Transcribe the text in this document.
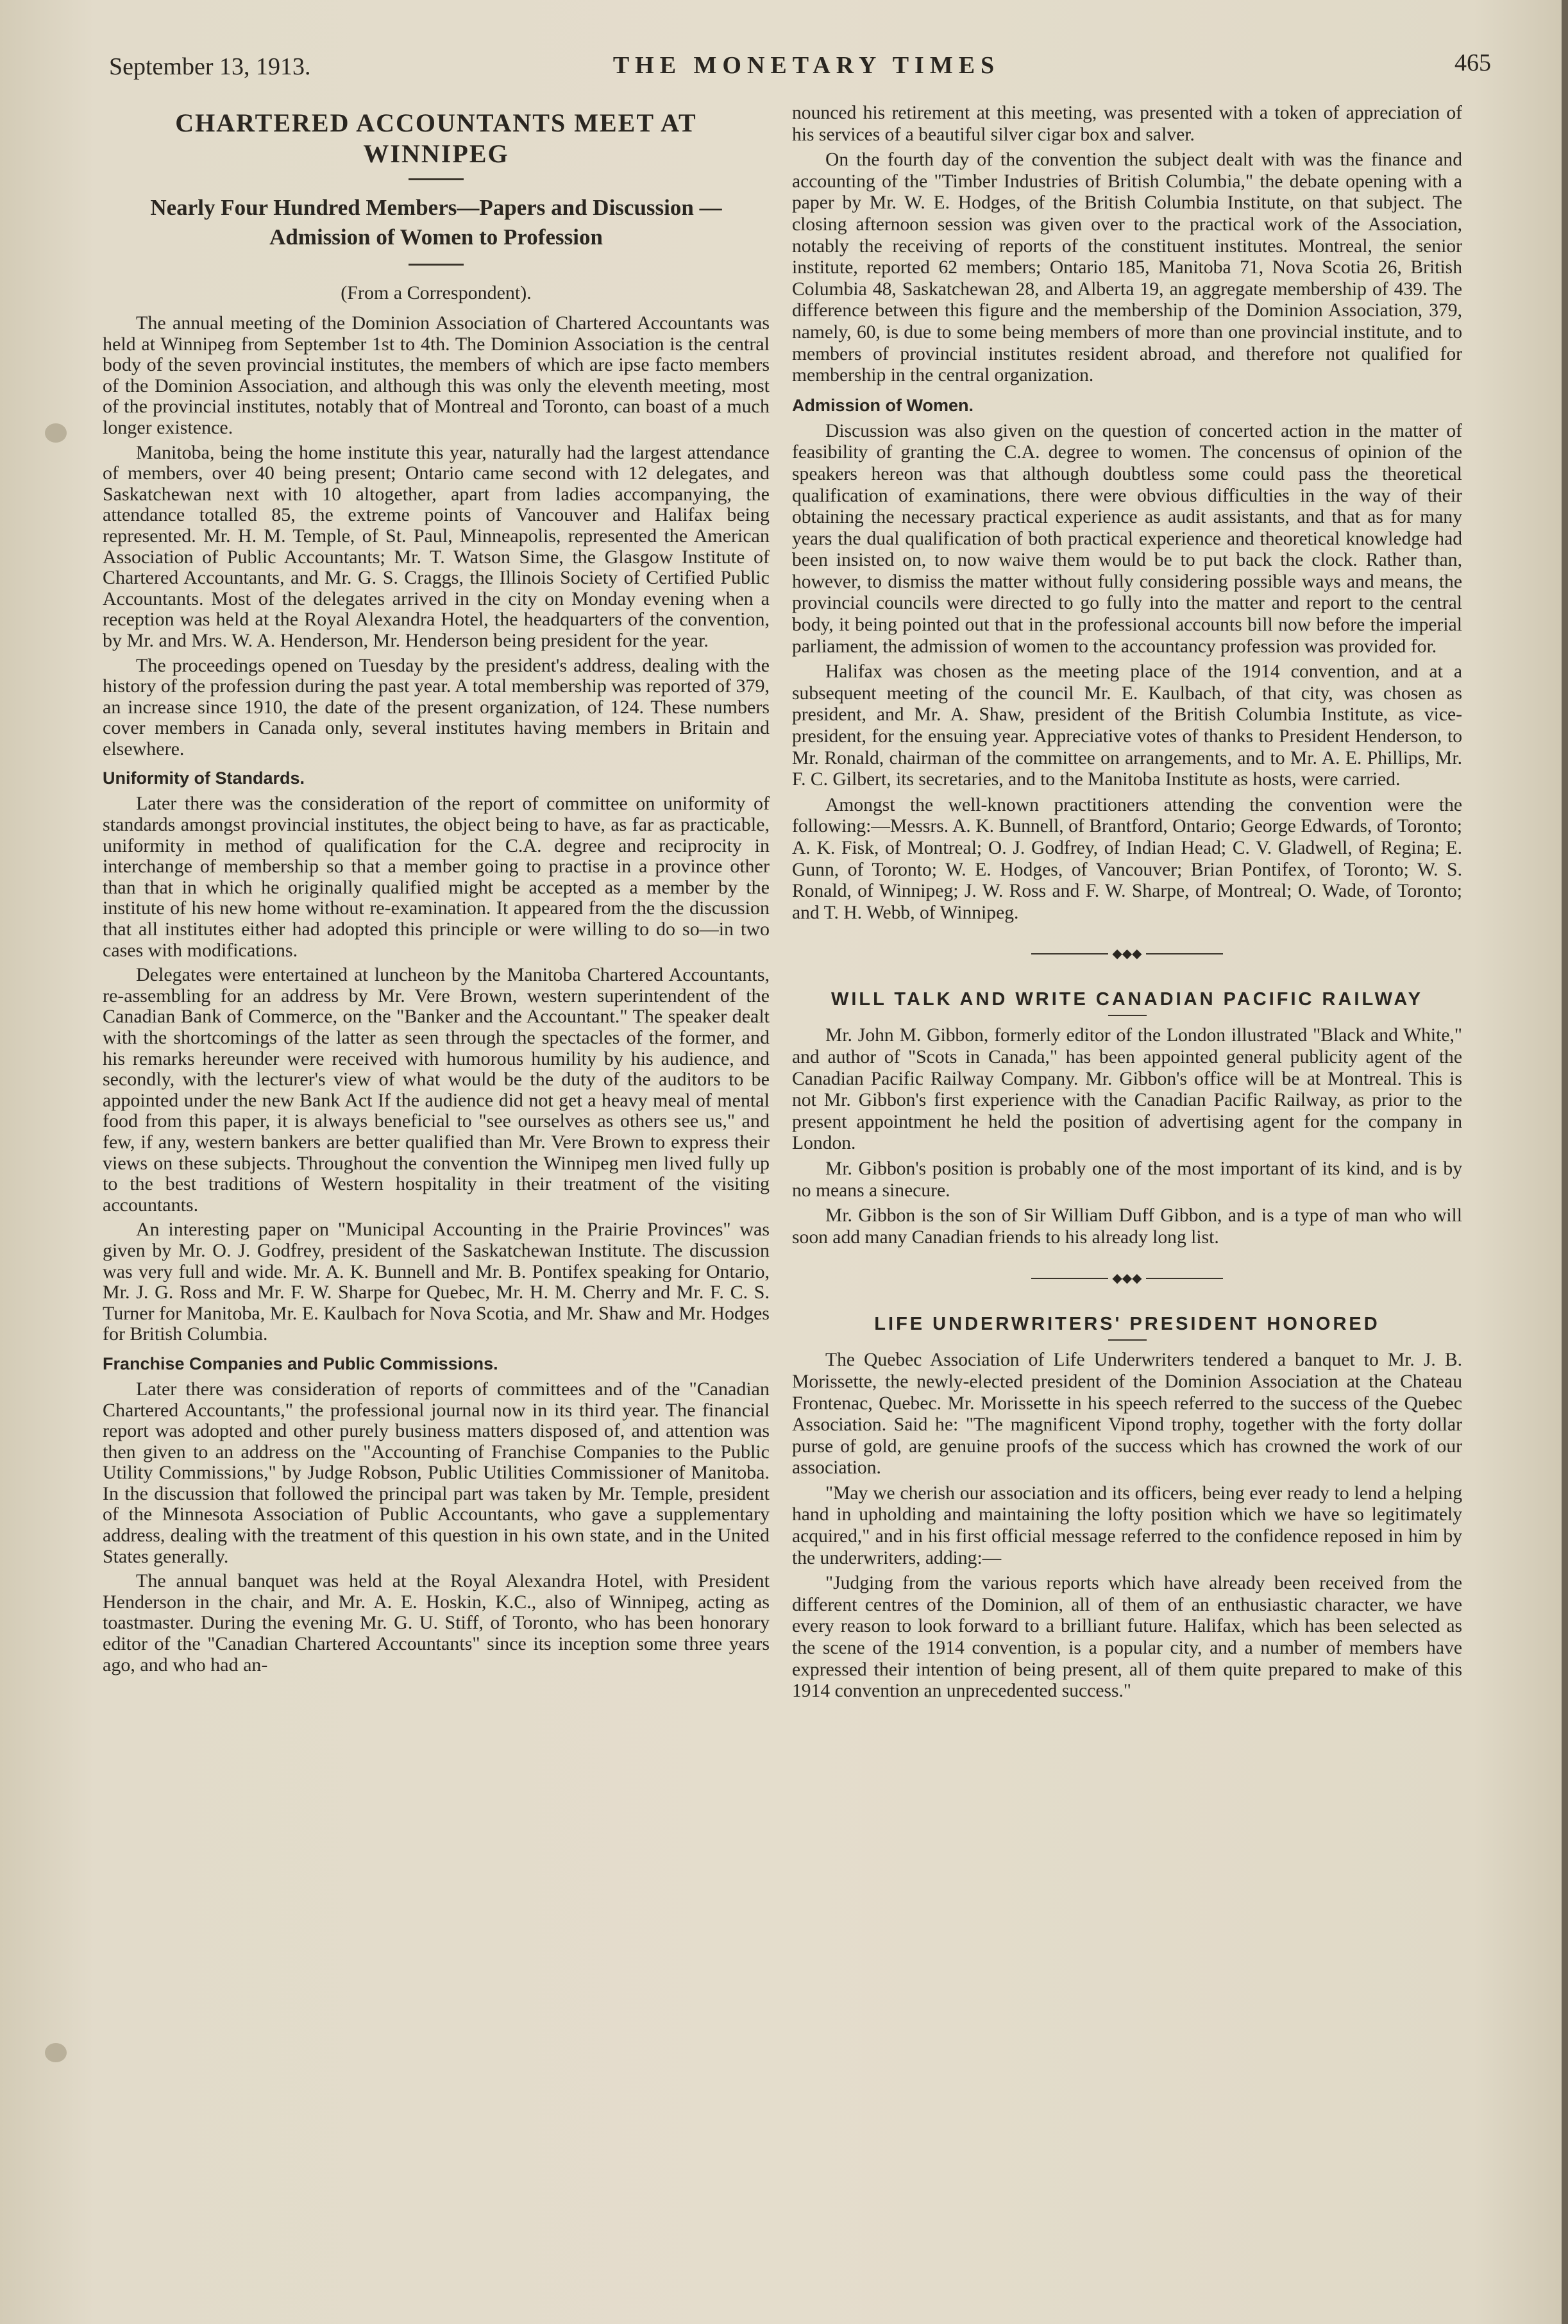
September 13, 1913.	THE MONETARY TIMES	465
CHARTERED ACCOUNTANTS MEET AT WINNIPEG
Nearly Four Hundred Members—Papers and Discussion —Admission of Women to Profession
(From a Correspondent).

The annual meeting of the Dominion Association of Chartered Accountants was held at Winnipeg from September 1st to 4th. The Dominion Association is the central body of the seven provincial institutes, the members of which are ipse facto members of the Dominion Association, and although this was only the eleventh meeting, most of the provincial institutes, notably that of Montreal and Toronto, can boast of a much longer existence.

Manitoba, being the home institute this year, naturally had the largest attendance of members, over 40 being present; Ontario came second with 12 delegates, and Saskatchewan next with 10 altogether, apart from ladies accompanying, the attendance totalled 85, the extreme points of Vancouver and Halifax being represented. Mr. H. M. Temple, of St. Paul, Minneapolis, represented the American Association of Public Accountants; Mr. T. Watson Sime, the Glasgow Institute of Chartered Accountants, and Mr. G. S. Craggs, the Illinois Society of Certified Public Accountants. Most of the delegates arrived in the city on Monday evening when a reception was held at the Royal Alexandra Hotel, the headquarters of the convention, by Mr. and Mrs. W. A. Henderson, Mr. Henderson being president for the year.

The proceedings opened on Tuesday by the president's address, dealing with the history of the profession during the past year. A total membership was reported of 379, an increase since 1910, the date of the present organization, of 124. These numbers cover members in Canada only, several institutes having members in Britain and elsewhere.

Uniformity of Standards.

Later there was the consideration of the report of committee on uniformity of standards amongst provincial institutes, the object being to have, as far as practicable, uniformity in method of qualification for the C.A. degree and reciprocity in interchange of membership so that a member going to practise in a province other than that in which he originally qualified might be accepted as a member by the institute of his new home without re-examination. It appeared from the the discussion that all institutes either had adopted this principle or were willing to do so—in two cases with modifications.

Delegates were entertained at luncheon by the Manitoba Chartered Accountants, re-assembling for an address by Mr. Vere Brown, western superintendent of the Canadian Bank of Commerce, on the "Banker and the Accountant." The speaker dealt with the shortcomings of the latter as seen through the spectacles of the former, and his remarks hereunder were received with humorous humility by his audience, and secondly, with the lecturer's view of what would be the duty of the auditors to be appointed under the new Bank Act If the audience did not get a heavy meal of mental food from this paper, it is always beneficial to "see ourselves as others see us," and few, if any, western bankers are better qualified than Mr. Vere Brown to express their views on these subjects. Throughout the convention the Winnipeg men lived fully up to the best traditions of Western hospitality in their treatment of the visiting accountants.

An interesting paper on "Municipal Accounting in the Prairie Provinces" was given by Mr. O. J. Godfrey, president of the Saskatchewan Institute. The discussion was very full and wide. Mr. A. K. Bunnell and Mr. B. Pontifex speaking for Ontario, Mr. J. G. Ross and Mr. F. W. Sharpe for Quebec, Mr. H. M. Cherry and Mr. F. C. S. Turner for Manitoba, Mr. E. Kaulbach for Nova Scotia, and Mr. Shaw and Mr. Hodges for British Columbia.

Franchise Companies and Public Commissions.

Later there was consideration of reports of committees and of the "Canadian Chartered Accountants," the professional journal now in its third year. The financial report was adopted and other purely business matters disposed of, and attention was then given to an address on the "Accounting of Franchise Companies to the Public Utility Commissions," by Judge Robson, Public Utilities Commissioner of Manitoba. In the discussion that followed the principal part was taken by Mr. Temple, president of the Minnesota Association of Public Accountants, who gave a supplementary address, dealing with the treatment of this question in his own state, and in the United States generally.

The annual banquet was held at the Royal Alexandra Hotel, with President Henderson in the chair, and Mr. A. E. Hoskin, K.C., also of Winnipeg, acting as toastmaster. During the evening Mr. G. U. Stiff, of Toronto, who has been honorary editor of the "Canadian Chartered Accountants" since its inception some three years ago, and who had an-

nounced his retirement at this meeting, was presented with a token of appreciation of his services of a beautiful silver cigar box and salver.

On the fourth day of the convention the subject dealt with was the finance and accounting of the "Timber Industries of British Columbia," the debate opening with a paper by Mr. W. E. Hodges, of the British Columbia Institute, on that subject. The closing afternoon session was given over to the practical work of the Association, notably the receiving of reports of the constituent institutes. Montreal, the senior institute, reported 62 members; Ontario 185, Manitoba 71, Nova Scotia 26, British Columbia 48, Saskatchewan 28, and Alberta 19, an aggregate membership of 439. The difference between this figure and the membership of the Dominion Association, 379, namely, 60, is due to some being members of more than one provincial institute, and to members of provincial institutes resident abroad, and therefore not qualified for membership in the central organization.

Admission of Women.

Discussion was also given on the question of concerted action in the matter of feasibility of granting the C.A. degree to women. The concensus of opinion of the speakers hereon was that although doubtless some could pass the theoretical qualification of examinations, there were obvious difficulties in the way of their obtaining the necessary practical experience as audit assistants, and that as for many years the dual qualification of both practical experience and theoretical knowledge had been insisted on, to now waive them would be to put back the clock. Rather than, however, to dismiss the matter without fully considering possible ways and means, the provincial councils were directed to go fully into the matter and report to the central body, it being pointed out that in the professional accounts bill now before the imperial parliament, the admission of women to the accountancy profession was provided for.

Halifax was chosen as the meeting place of the 1914 convention, and at a subsequent meeting of the council Mr. E. Kaulbach, of that city, was chosen as president, and Mr. A. Shaw, president of the British Columbia Institute, as vice-president, for the ensuing year. Appreciative votes of thanks to President Henderson, to Mr. Ronald, chairman of the committee on arrangements, and to Mr. A. E. Phillips, Mr. F. C. Gilbert, its secretaries, and to the Manitoba Institute as hosts, were carried.

Amongst the well-known practitioners attending the convention were the following:—Messrs. A. K. Bunnell, of Brantford, Ontario; George Edwards, of Toronto; A. K. Fisk, of Montreal; O. J. Godfrey, of Indian Head; C. V. Gladwell, of Regina; E. Gunn, of Toronto; W. E. Hodges, of Vancouver; Brian Pontifex, of Toronto; W. S. Ronald, of Winnipeg; J. W. Ross and F. W. Sharpe, of Montreal; O. Wade, of Toronto; and T. H. Webb, of Winnipeg.

◆◆◆
WILL TALK AND WRITE CANADIAN PACIFIC RAILWAY

Mr. John M. Gibbon, formerly editor of the London illustrated "Black and White," and author of "Scots in Canada," has been appointed general publicity agent of the Canadian Pacific Railway Company. Mr. Gibbon's office will be at Montreal. This is not Mr. Gibbon's first experience with the Canadian Pacific Railway, as prior to the present appointment he held the position of advertising agent for the company in London.

Mr. Gibbon's position is probably one of the most important of its kind, and is by no means a sinecure.

Mr. Gibbon is the son of Sir William Duff Gibbon, and is a type of man who will soon add many Canadian friends to his already long list.

◆◆◆
LIFE UNDERWRITERS' PRESIDENT HONORED

The Quebec Association of Life Underwriters tendered a banquet to Mr. J. B. Morissette, the newly-elected president of the Dominion Association at the Chateau Frontenac, Quebec. Mr. Morissette in his speech referred to the success of the Quebec Association. Said he: "The magnificent Vipond trophy, together with the forty dollar purse of gold, are genuine proofs of the success which has crowned the work of our association.

"May we cherish our association and its officers, being ever ready to lend a helping hand in upholding and maintaining the lofty position which we have so legitimately acquired," and in his first official message referred to the confidence reposed in him by the underwriters, adding:—

"Judging from the various reports which have already been received from the different centres of the Dominion, all of them of an enthusiastic character, we have every reason to look forward to a brilliant future. Halifax, which has been selected as the scene of the 1914 convention, is a popular city, and a number of members have expressed their intention of being present, all of them quite prepared to make of this 1914 convention an unprecedented success."
